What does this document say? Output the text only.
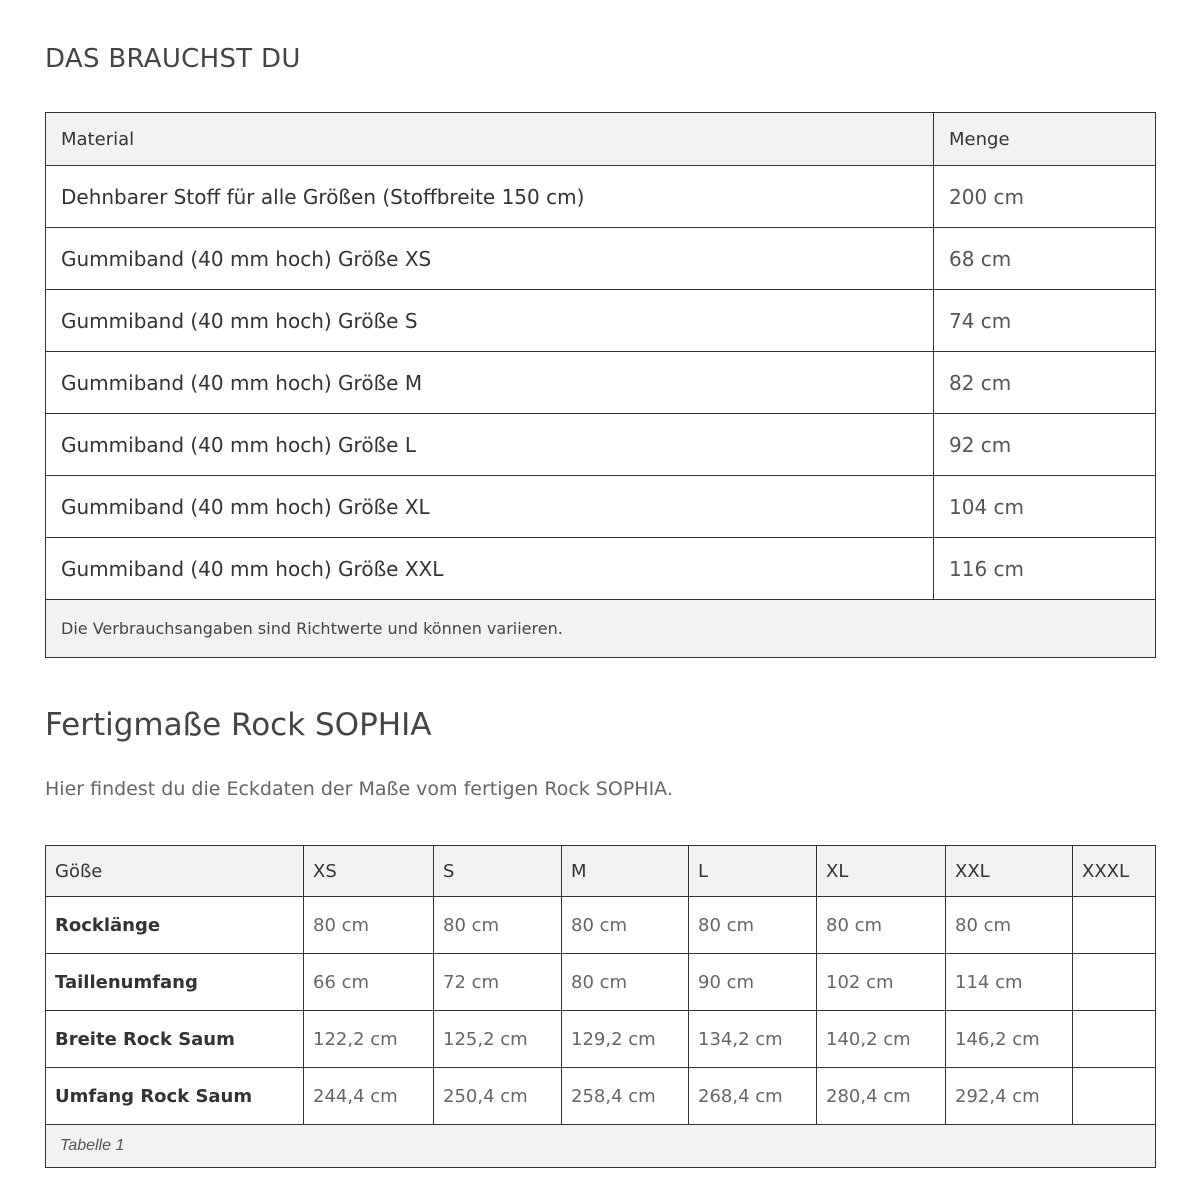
DAS BRAUCHST DU
Material	Menge
Dehnbarer Stoff für alle Größen (Stoffbreite 150 cm)	200 cm
Gummiband (40 mm hoch) Größe XS	68 cm
Gummiband (40 mm hoch) Größe S	74 cm
Gummiband (40 mm hoch) Größe M	82 cm
Gummiband (40 mm hoch) Größe L	92 cm
Gummiband (40 mm hoch) Größe XL	104 cm
Gummiband (40 mm hoch) Größe XXL	116 cm
Die Verbrauchsangaben sind Richtwerte und können variieren.	
Fertigmaße Rock SOPHIA

Hier findest du die Eckdaten der Maße vom fertigen Rock SOPHIA.

Göße	XS	S	M	L	XL	XXL	XXXL
Rocklänge	80 cm	80 cm	80 cm	80 cm	80 cm	80 cm	
Taillenumfang	66 cm	72 cm	80 cm	90 cm	102 cm	114 cm	
Breite Rock Saum	122,2 cm	125,2 cm	129,2 cm	134,2 cm	140,2 cm	146,2 cm	
Umfang Rock Saum	244,4 cm	250,4 cm	258,4 cm	268,4 cm	280,4 cm	292,4 cm	
Tabelle 1							
